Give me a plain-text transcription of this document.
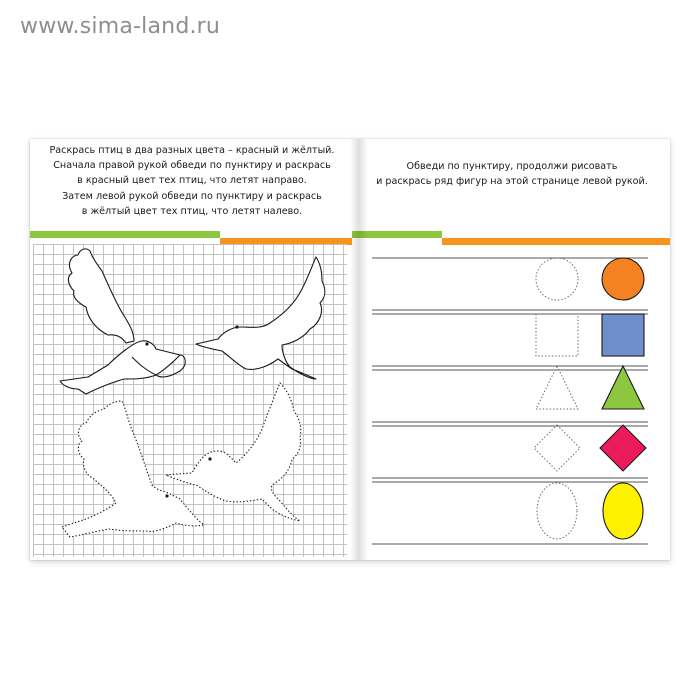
www.sima-land.ru
Раскрась птиц в два разных цвета – красный и жёлтый.
Сначала правой рукой обведи по пунктиру и раскрась
в красный цвет тех птиц, что летят направо.
Затем левой рукой обведи по пунктиру и раскрась
в жёлтый цвет тех птиц, что летят налево.
Обведи по пунктиру, продолжи рисовать
и раскрась ряд фигур на этой странице левой рукой.
